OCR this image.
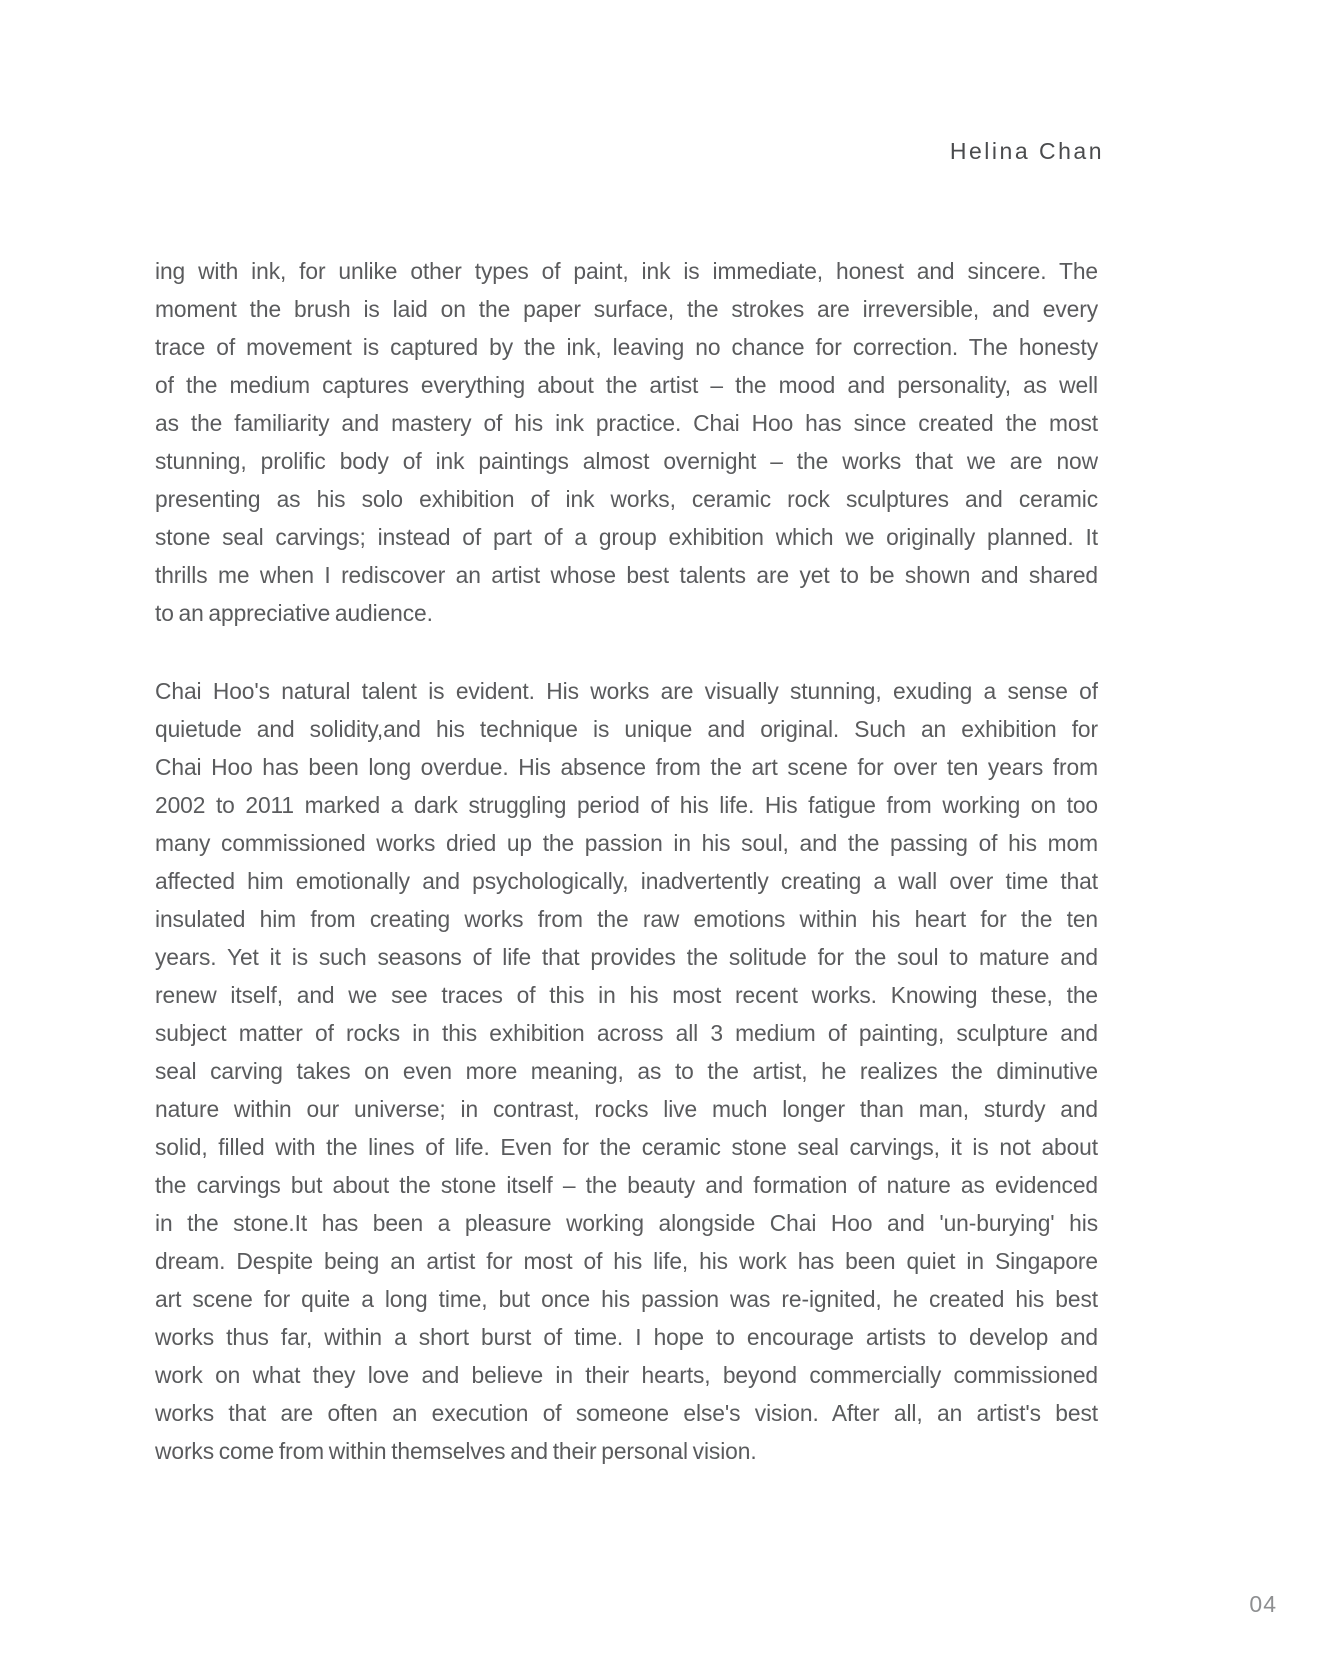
Helina Chan
ing with ink, for unlike other types of paint, ink is immediate, honest and sincere. The
moment the brush is laid on the paper surface, the strokes are irreversible, and every
trace of movement is captured by the ink, leaving no chance for correction. The honesty
of the medium captures everything about the artist – the mood and personality, as well
as the familiarity and mastery of his ink practice. Chai Hoo has since created the most
stunning, prolific body of ink paintings almost overnight – the works that we are now
presenting as his solo exhibition of ink works, ceramic rock sculptures and ceramic
stone seal carvings; instead of part of a group exhibition which we originally planned. It
thrills me when I rediscover an artist whose best talents are yet to be shown and shared
to an appreciative audience.
Chai Hoo's natural talent is evident. His works are visually stunning, exuding a sense of
quietude and solidity,and his technique is unique and original. Such an exhibition for
Chai Hoo has been long overdue. His absence from the art scene for over ten years from
2002 to 2011 marked a dark struggling period of his life. His fatigue from working on too
many commissioned works dried up the passion in his soul, and the passing of his mom
affected him emotionally and psychologically, inadvertently creating a wall over time that
insulated him from creating works from the raw emotions within his heart for the ten
years. Yet it is such seasons of life that provides the solitude for the soul to mature and
renew itself, and we see traces of this in his most recent works. Knowing these, the
subject matter of rocks in this exhibition across all 3 medium of painting, sculpture and
seal carving takes on even more meaning, as to the artist, he realizes the diminutive
nature within our universe; in contrast, rocks live much longer than man, sturdy and
solid, filled with the lines of life. Even for the ceramic stone seal carvings, it is not about
the carvings but about the stone itself – the beauty and formation of nature as evidenced
in the stone.It has been a pleasure working alongside Chai Hoo and 'un-burying' his
dream. Despite being an artist for most of his life, his work has been quiet in Singapore
art scene for quite a long time, but once his passion was re-ignited, he created his best
works thus far, within a short burst of time. I hope to encourage artists to develop and
work on what they love and believe in their hearts, beyond commercially commissioned
works that are often an execution of someone else's vision. After all, an artist's best
works come from within themselves and their personal vision.
04
